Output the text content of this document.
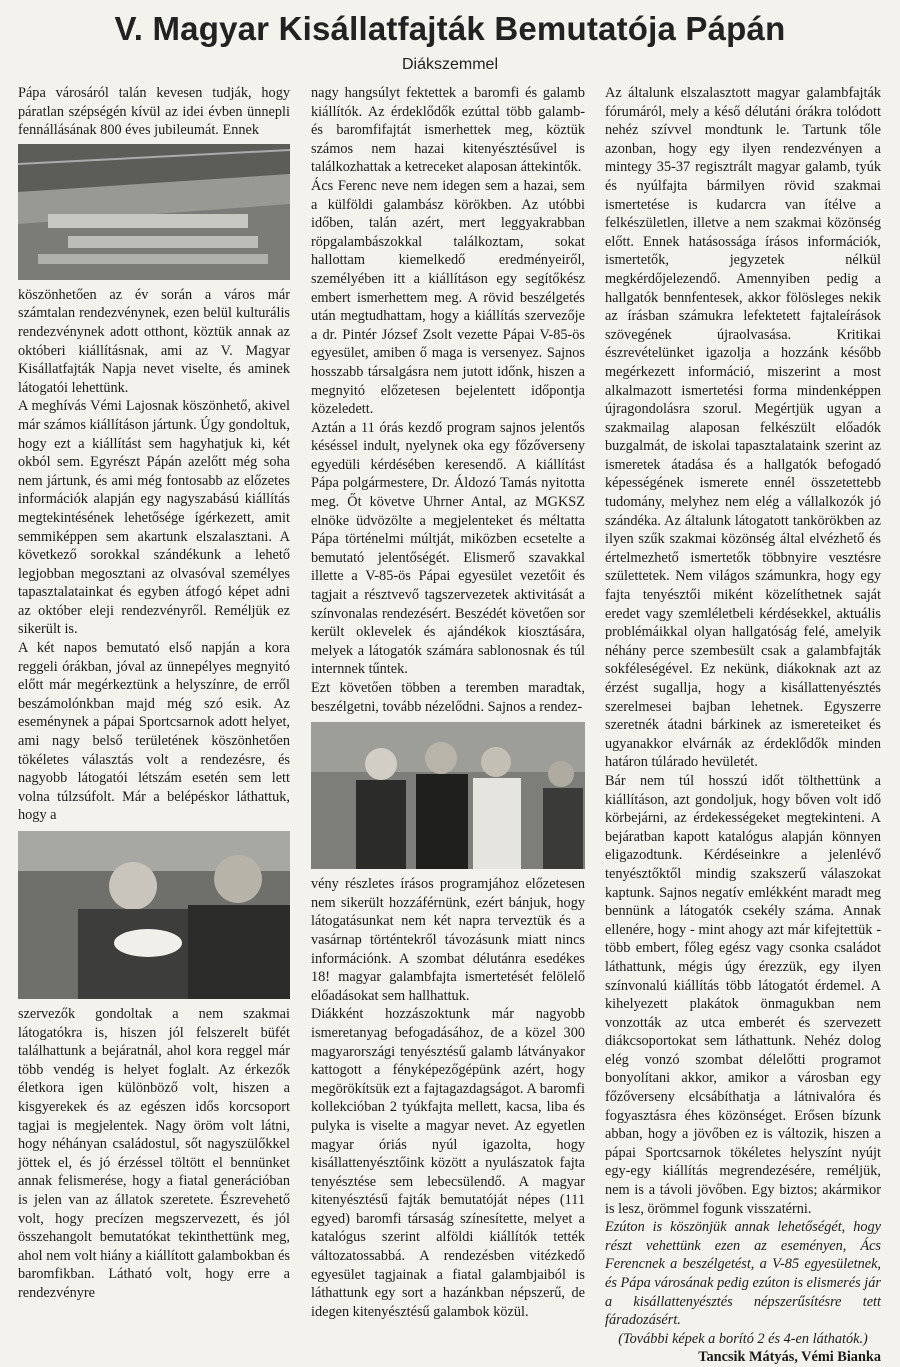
V. Magyar Kisállatfajták Bemutatója Pápán
Diákszemmel

Pápa városáról talán kevesen tudják, hogy páratlan szépségén kívül az idei évben ünnepli fennállásának 800 éves jubileumát. Ennek

köszönhetően az év során a város már számtalan rendezvénynek, ezen belül kulturális rendezvénynek adott otthont, köztük annak az októberi kiállításnak, ami az V. Magyar Kisállatfajták Napja nevet viselte, és aminek látogatói lehettünk.

A meghívás Vémi Lajosnak köszönhető, akivel már számos kiállításon jártunk. Úgy gondoltuk, hogy ezt a kiállítást sem hagyhatjuk ki, két okból sem. Egyrészt Pápán azelőtt még soha nem jártunk, és ami még fontosabb az előzetes információk alapján egy nagyszabású kiállítás megtekintésének lehetősége ígérkezett, amit semmiképpen sem akartunk elszalasztani. A következő sorokkal szándékunk a lehető legjobban megosztani az olvasóval személyes tapasztalatainkat és egyben átfogó képet adni az október eleji rendezvényről. Reméljük ez sikerült is.

A két napos bemutató első napján a kora reggeli órákban, jóval az ünnepélyes megnyitó előtt már megérkeztünk a helyszínre, de erről beszámolónkban majd még szó esik. Az eseménynek a pápai Sportcsarnok adott helyet, ami nagy belső területének köszönhetően tökéletes választás volt a rendezésre, és nagyobb látogatói létszám esetén sem lett volna túlzsúfolt. Már a belépéskor láthattuk, hogy a

szervezők gondoltak a nem szakmai látogatókra is, hiszen jól felszerelt büfét találhattunk a bejáratnál, ahol kora reggel már több vendég is helyet foglalt. Az érkezők életkora igen különböző volt, hiszen a kisgyerekek és az egészen idős korcsoport tagjai is megjelentek. Nagy öröm volt látni, hogy néhányan családostul, sőt nagyszülőkkel jöttek el, és jó érzéssel töltött el bennünket annak felismerése, hogy a fiatal generációban is jelen van az állatok szeretete. Észrevehető volt, hogy precízen megszervezett, és jól összehangolt bemutatókat tekinthettünk meg, ahol nem volt hiány a kiállított galambokban és baromfikban. Látható volt, hogy erre a rendezvényre

nagy hangsúlyt fektettek a baromfi és galamb kiállítók. Az érdeklődők ezúttal több galamb- és baromfifajtát ismerhettek meg, köztük számos nem hazai kitenyésztésűvel is találkozhattak a ketreceket alaposan áttekintők.

Ács Ferenc neve nem idegen sem a hazai, sem a külföldi galambász körökben. Az utóbbi időben, talán azért, mert leggyakrabban röpgalambászokkal találkoztam, sokat hallottam kiemelkedő eredményeiről, személyében itt a kiállításon egy segítőkész embert ismerhettem meg. A rövid beszélgetés után megtudhattam, hogy a kiállítás szervezője a dr. Pintér József Zsolt vezette Pápai V-85-ös egyesület, amiben ő maga is versenyez. Sajnos hosszabb társalgásra nem jutott időnk, hiszen a megnyitó előzetesen bejelentett időpontja közeledett.

Aztán a 11 órás kezdő program sajnos jelentős késéssel indult, nyelynek oka egy főzőverseny egyedüli kérdésében keresendő. A kiállítást Pápa polgármestere, Dr. Áldozó Tamás nyitotta meg. Őt követve Uhrner Antal, az MGKSZ elnöke üdvözölte a megjelenteket és méltatta Pápa történelmi múltját, miközben ecsetelte a bemutató jelentőségét. Elismerő szavakkal illette a V-85-ös Pápai egyesület vezetőit és tagjait a résztvevő tagszervezetek aktivitását a színvonalas rendezésért. Beszédét követően sor került oklevelek és ajándékok kiosztására, melyek a látogatók számára sablonosnak és túl internnek tűntek.

Ezt követően többen a teremben maradtak, beszélgetni, tovább nézelődni. Sajnos a rendez-

vény részletes írásos programjához előzetesen nem sikerült hozzáférnünk, ezért bánjuk, hogy látogatásunkat nem két napra terveztük és a vasárnap történtekről távozásunk miatt nincs információnk. A szombat délutánra esedékes 18! magyar galambfajta ismertetését felölelő előadásokat sem hallhattuk.

Diákként hozzászoktunk már nagyobb ismeretanyag befogadásához, de a közel 300 magyarországi tenyésztésű galamb látványakor kattogott a fényképezőgépünk azért, hogy megörökítsük ezt a fajtagazdagságot. A baromfi kollekcióban 2 tyúkfajta mellett, kacsa, liba és pulyka is viselte a magyar nevet. Az egyetlen magyar óriás nyúl igazolta, hogy kisállattenyésztőink között a nyulászatok fajta tenyésztése sem lebecsülendő. A magyar kitenyésztésű fajták bemutatóját népes (111 egyed) baromfi társaság színesítette, melyet a katalógus szerint alföldi kiállítók tették változatossabbá. A rendezésben vitézkedő egyesület tagjainak a fiatal galambjaiból is láthattunk egy sort a hazánkban népszerű, de idegen kitenyésztésű galambok közül.

Az általunk elszalasztott magyar galambfajták fórumáról, mely a késő délutáni órákra tolódott nehéz szívvel mondtunk le. Tartunk tőle azonban, hogy egy ilyen rendezvényen a mintegy 35-37 regisztrált magyar galamb, tyúk és nyúlfajta bármilyen rövid szakmai ismertetése is kudarcra van ítélve a felkészületlen, illetve a nem szakmai közönség előtt. Ennek hatásossága írásos információk, ismertetők, jegyzetek nélkül megkérdőjelezendő. Amennyiben pedig a hallgatók bennfentesek, akkor fölösleges nekik az írásban számukra lefektetett fajtaleírások szövegének újraolvasása. Kritikai észrevételünket igazolja a hozzánk később megérkezett információ, miszerint a most alkalmazott ismertetési forma mindenképpen újragondolásra szorul. Megértjük ugyan a szakmailag alaposan felkészült előadók buzgalmát, de iskolai tapasztalataink szerint az ismeretek átadása és a hallgatók befogadó képességének ismerete ennél összetettebb tudomány, melyhez nem elég a vállalkozók jó szándéka. Az általunk látogatott tankörökben az ilyen szűk szakmai közönség által elvézhető és értelmezhető ismertetők többnyire vesztésre születtetek. Nem világos számunkra, hogy egy fajta tenyésztői miként közelíthetnek saját eredet vagy szemléletbeli kérdésekkel, aktuális problémáikkal olyan hallgatóság felé, amelyik néhány perce szembesült csak a galambfajták sokféleségével. Ez nekünk, diákoknak azt az érzést sugallja, hogy a kisállattenyésztés szerelmesei bajban lehetnek. Egyszerre szeretnék átadni bárkinek az ismereteiket és ugyanakkor elvárnák az érdeklődők minden határon túlárado hevületét.

Bár nem túl hosszú időt tölthettünk a kiállításon, azt gondoljuk, hogy bőven volt idő körbejárni, az érdekességeket megtekinteni. A bejáratban kapott katalógus alapján könnyen eligazodtunk. Kérdéseinkre a jelenlévő tenyésztőktől mindig szakszerű válaszokat kaptunk. Sajnos negatív emlékként maradt meg bennünk a látogatók csekély száma. Annak ellenére, hogy - mint ahogy azt már kifejtettük - több embert, főleg egész vagy csonka családot láthattunk, mégis úgy érezzük, egy ilyen színvonalú kiállítás több látogatót érdemel. A kihelyezett plakátok önmagukban nem vonzották az utca emberét és szervezett diákcsoportokat sem láthattunk. Nehéz dolog elég vonzó szombat délelőtti programot bonyolítani akkor, amikor a városban egy főzőverseny elcsábíthatja a látnivalóra és fogyasztásra éhes közönséget. Erősen bízunk abban, hogy a jövőben ez is változik, hiszen a pápai Sportcsarnok tökéletes helyszínt nyújt egy-egy kiállítás megrendezésére, reméljük, nem is a távoli jövőben. Egy biztos; akármikor is lesz, örömmel fogunk visszatérni.

Ezúton is köszönjük annak lehetőségét, hogy részt vehettünk ezen az eseményen, Ács Ferencnek a beszélgetést, a V-85 egyesületnek, és Pápa városának pedig ezúton is elismerés jár a kisállattenyésztés népszerűsítésre tett fáradozásért.

(További képek a borító 2 és 4-en láthatók.)

Tancsik Mátyás, Vémi Bianka
